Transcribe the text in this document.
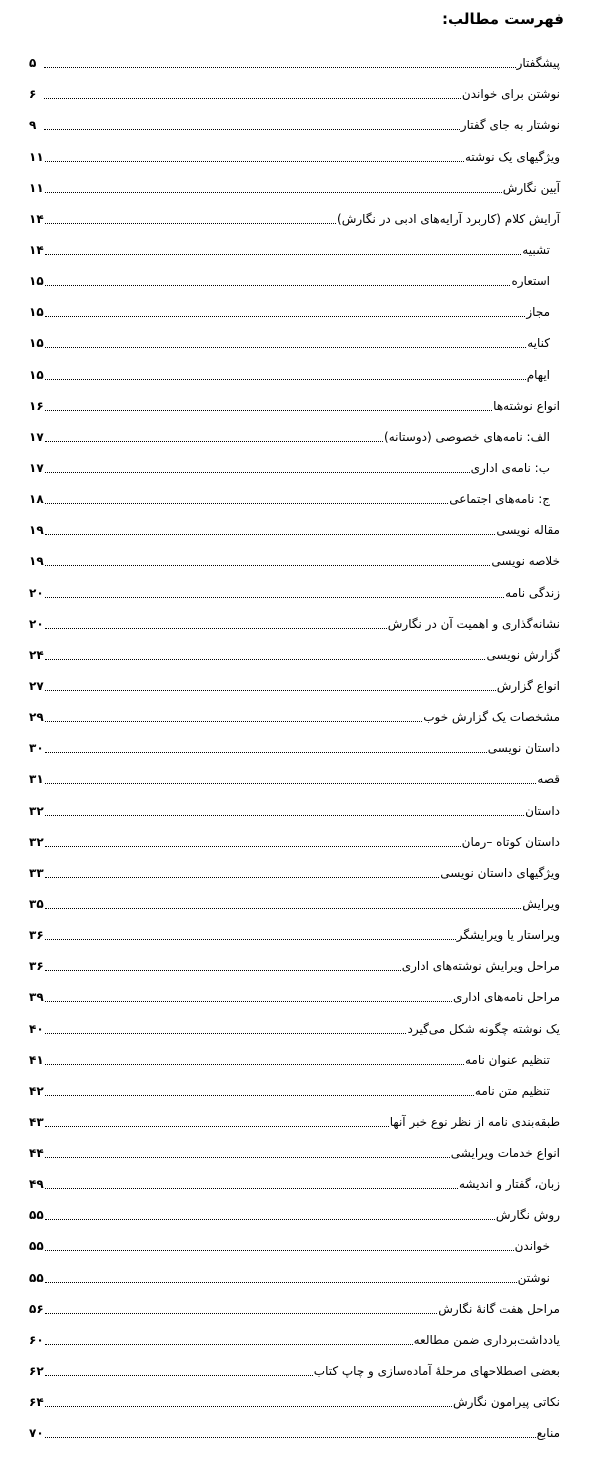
فهرست مطالب:
پیشگفتار
۵
نوشتن برای خواندن
۶
نوشتار به جای گفتار
۹
ویژگیهای یک نوشته
۱۱
آیین نگارش
۱۱
آرایش کلام (کاربرد آرایه‌های ادبی در نگارش)
۱۴
تشبیه
۱۴
استعاره
۱۵
مجاز
۱۵
کنایه
۱۵
ایهام
۱۵
انواع نوشته‌ها
۱۶
الف: نامه‌های خصوصی (دوستانه)
۱۷
ب: نامه‌ی اداری
۱۷
ج: نامه‌های اجتماعی
۱۸
مقاله نویسی
۱۹
خلاصه نویسی
۱۹
زندگی نامه
۲۰
نشانه‌گذاری و اهمیت آن در نگارش
۲۰
گزارش نویسی
۲۴
انواع گزارش
۲۷
مشخصات یک گزارش خوب
۲۹
داستان نویسی
۳۰
قصه
۳۱
داستان
۳۲
داستان کوتاه –رمان
۳۲
ویژگیهای داستان نویسی
۳۳
ویرایش
۳۵
ویراستار یا ویرایشگر
۳۶
مراحل ویرایش نوشته‌های اداری
۳۶
مراحل نامه‌های اداری
۳۹
یک نوشته چگونه شکل می‌گیرد
۴۰
تنظیم عنوان نامه
۴۱
تنظیم متن نامه
۴۲
طبقه‌بندی نامه از نظر نوع خبر آنها
۴۳
انواع خدمات ویرایشی
۴۴
زبان، گفتار و اندیشه
۴۹
روش نگارش
۵۵
خواندن
۵۵
نوشتن
۵۵
مراحل هفت گانهٔ نگارش
۵۶
یادداشت‌برداری ضمن مطالعه
۶۰
بعضی اصطلاحهای مرحلهٔ آماده‌سازی و چاپ کتاب
۶۲
نکاتی پیرامون نگارش
۶۴
منابع
۷۰
